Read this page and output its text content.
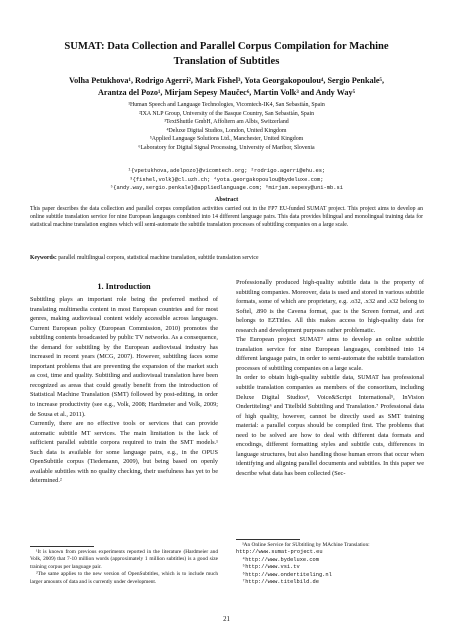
SUMAT: Data Collection and Parallel Corpus Compilation for Machine
Translation of Subtitles
Volha Petukhova¹, Rodrigo Agerri², Mark Fishel³, Yota Georgakopoulou⁴, Sergio Penkale⁵,
Arantza del Pozo¹, Mirjam Sepesy Maučec⁶, Martin Volk³ and Andy Way⁵
¹Human Speech and Language Technologies, Vicomtech-IK4, San Sebastián, Spain
²IXA NLP Group, University of the Basque Country, San Sebastián, Spain
³TextShuttle GmbH, Affoltern am Albis, Switzerland
⁴Deluxe Digital Studios, London, United Kingdom
⁵Applied Language Solutions Ltd., Manchester, United Kingdom
⁶Laboratory for Digital Signal Processing, University of Maribor, Slovenia
¹{vpetukhova,adelpozo}@vicomtech.org; ²rodrigo.agerri@ehu.es;
³{fishel,volk}@cl.uzh.ch; ⁴yota.georgakopoulou@bydeluxe.com;
⁵{andy.way,sergio.penkale}@appliedlanguage.com; ⁶mirjam.sepesy@uni-mb.si
Abstract
This paper describes the data collection and parallel corpus compilation activities carried out in the FP7 EU-funded SUMAT project. This project aims to develop an online subtitle translation service for nine European languages combined into 14 different language pairs. This data provides bilingual and monolingual training data for statistical machine translation engines which will semi-automate the subtitle translation processes of subtitling companies on a large scale.
Keywords: parallel multilingual corpora, statistical machine translation, subtitle translation service
1. Introduction

Subtitling plays an important role being the preferred method of translating multimedia content in most European countries and for most genres, making audiovisual content widely accessible across languages. Current European policy (European Commission, 2010) promotes the subtitling contents broadcasted by public TV networks. As a consequence, the demand for subtitling by the European audiovisual industry has increased in recent years (MCG, 2007). However, subtitling faces some important problems that are preventing the expansion of the market such as cost, time and quality. Subtitling and audiovisual translation have been recognized as areas that could greatly benefit from the introduction of Statistical Machine Translation (SMT) followed by post-editing, in order to increase productivity (see e.g., Volk, 2008; Hardmeier and Volk, 2009; de Sousa et al., 2011).

Currently, there are no effective tools or services that can provide automatic subtitle MT services. The main limitation is the lack of sufficient parallel subtitle corpora required to train the SMT models.¹ Such data is available for some language pairs, e.g., in the OPUS OpenSubtitle corpus (Tiedemann, 2009), but being based on openly available subtitles with no quality checking, their usefulness has yet to be determined.²

¹It is known from previous experiments reported in the literature (Hardmeier and Volk, 2009) that 7-10 million words (approximately 1 million subtitles) is a good size training corpus per language pair.
²The same applies to the new version of OpenSubtitles, which is to include much larger amounts of data and is currently under development.

Professionally produced high-quality subtitle data is the property of subtitling companies. Moreover, data is used and stored in various subtitle formats, some of which are proprietary, e.g. .o32, .x32 and .s32 belong to Softel, .890 is the Cavena format, .pac is the Screen format, and .ezt belongs to EZTitles. All this makes access to high-quality data for research and development purposes rather problematic.

The European project SUMAT³ aims to develop an online subtitle translation service for nine European languages, combined into 14 different language pairs, in order to semi-automate the subtitle translation processes of subtitling companies on a large scale.

In order to obtain high-quality subtitle data, SUMAT has professional subtitle translation companies as members of the consortium, including Deluxe Digital Studios⁴, Voice&Script International⁵, InVision Ondertiteling⁶ and Titelbild Subtitling and Translation.⁷ Professional data of high quality, however, cannot be directly used as SMT training material: a parallel corpus should be compiled first. The problems that need to be solved are how to deal with different data formats and encodings, different formatting styles and subtitle cuts, differences in language structures, but also handling those human errors that occur when identifying and aligning parallel documents and subtitles. In this paper we describe what data has been collected (Sec-

³An Online Service for SUbtitling by MAchine Translation:
http://www.sumat-project.eu
⁴http://www.bydeluxe.com
⁵http://www.vsi.tv
⁶http://www.ondertiteling.nl
⁷http://www.titelbild.de
21
